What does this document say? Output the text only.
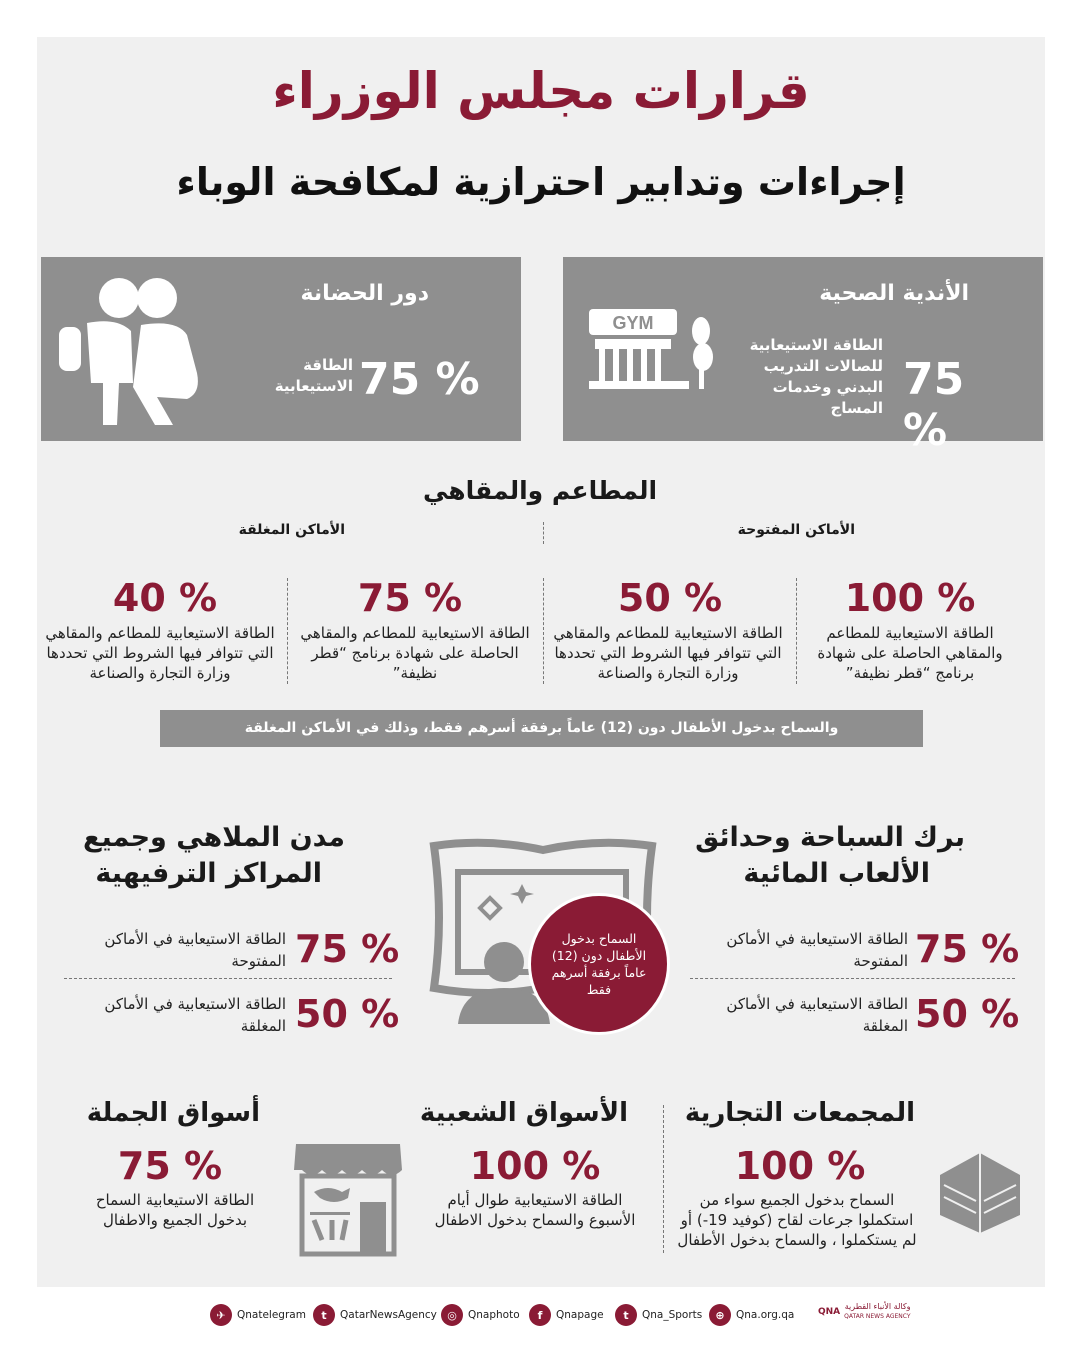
قرارات مجلس الوزراء
إجراءات وتدابير احترازية لمكافحة الوباء
الأندية الصحية
75 %
الطاقة الاستيعابية للصالات التدريب البدني وخدمات المساج
GYM
دور الحضانة
75 %
الطاقة الاستيعابية
المطاعم والمقاهي
الأماكن المفتوحة
الأماكن المغلقة
100 %
الطاقة الاستيعابية للمطاعم والمقاهي الحاصلة على شهادة برنامج “قطر نظيفة”
50 %
الطاقة الاستيعابية للمطاعم والمقاهي التي تتوافر فيها الشروط التي تحددها وزارة التجارة والصناعة
75 %
الطاقة الاستيعابية للمطاعم والمقاهي الحاصلة على شهادة برنامج “قطر نظيفة”
40 %
الطاقة الاستيعابية للمطاعم والمقاهي التي تتوافر فيها الشروط التي تحددها وزارة التجارة والصناعة
والسماح بدخول الأطفال دون (12) عاماً برفقة أسرهم فقط، وذلك في الأماكن المغلقة
برك السباحة وحدائق
الألعاب المائية
75 %
الطاقة الاستيعابية في الأماكن المفتوحة
50 %
الطاقة الاستيعابية في الأماكن المغلقة
مدن الملاهي وجميع
المراكز الترفيهية
75 %
الطاقة الاستيعابية في الأماكن المفتوحة
50 %
الطاقة الاستيعابية في الأماكن المغلقة
السماح بدخول الأطفال دون (12) عاماً برفقة أسرهم فقط
المجمعات التجارية
100 %
السماح بدخول الجميع سواء من استكملوا جرعات لقاح (كوفيد 19-) أو لم يستكملوا ، والسماح بدخول الأطفال
الأسواق الشعبية
100 %
الطاقة الاستيعابية طوال أيام الأسبوع والسماح بدخول الاطفال
أسواق الجملة
75 %
الطاقة الاستيعابية السماح بدخول الجميع والاطفال
✈	Qnatelegram	t	QatarNewsAgency ◎	Qnaphoto	f	Qnapage	t	Qna_Sports	⊕	Qna.org.qa	QNA
وكالة الأنباء القطرية
QATAR NEWS AGENCY
